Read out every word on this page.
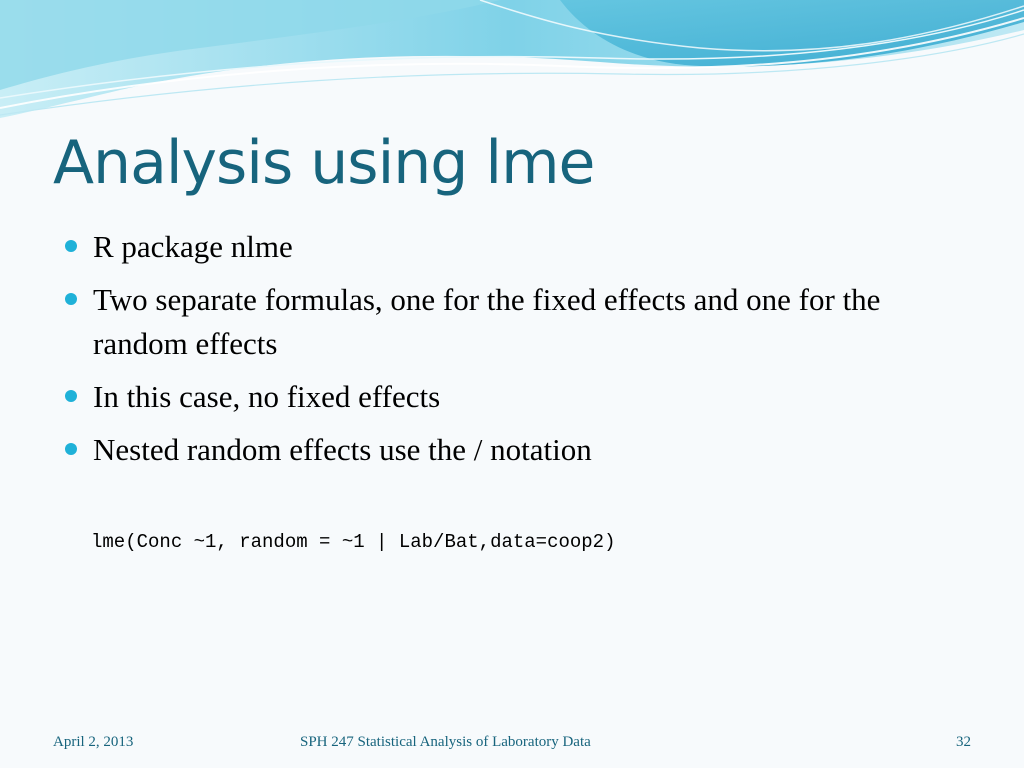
Analysis using lme
R package nlme
Two separate formulas, one for the fixed effects and one for the random effects
In this case, no fixed effects
Nested random effects use the / notation
lme(Conc ~1, random = ~1 | Lab/Bat,data=coop2)
April 2, 2013	SPH 247 Statistical Analysis of Laboratory Data	32
